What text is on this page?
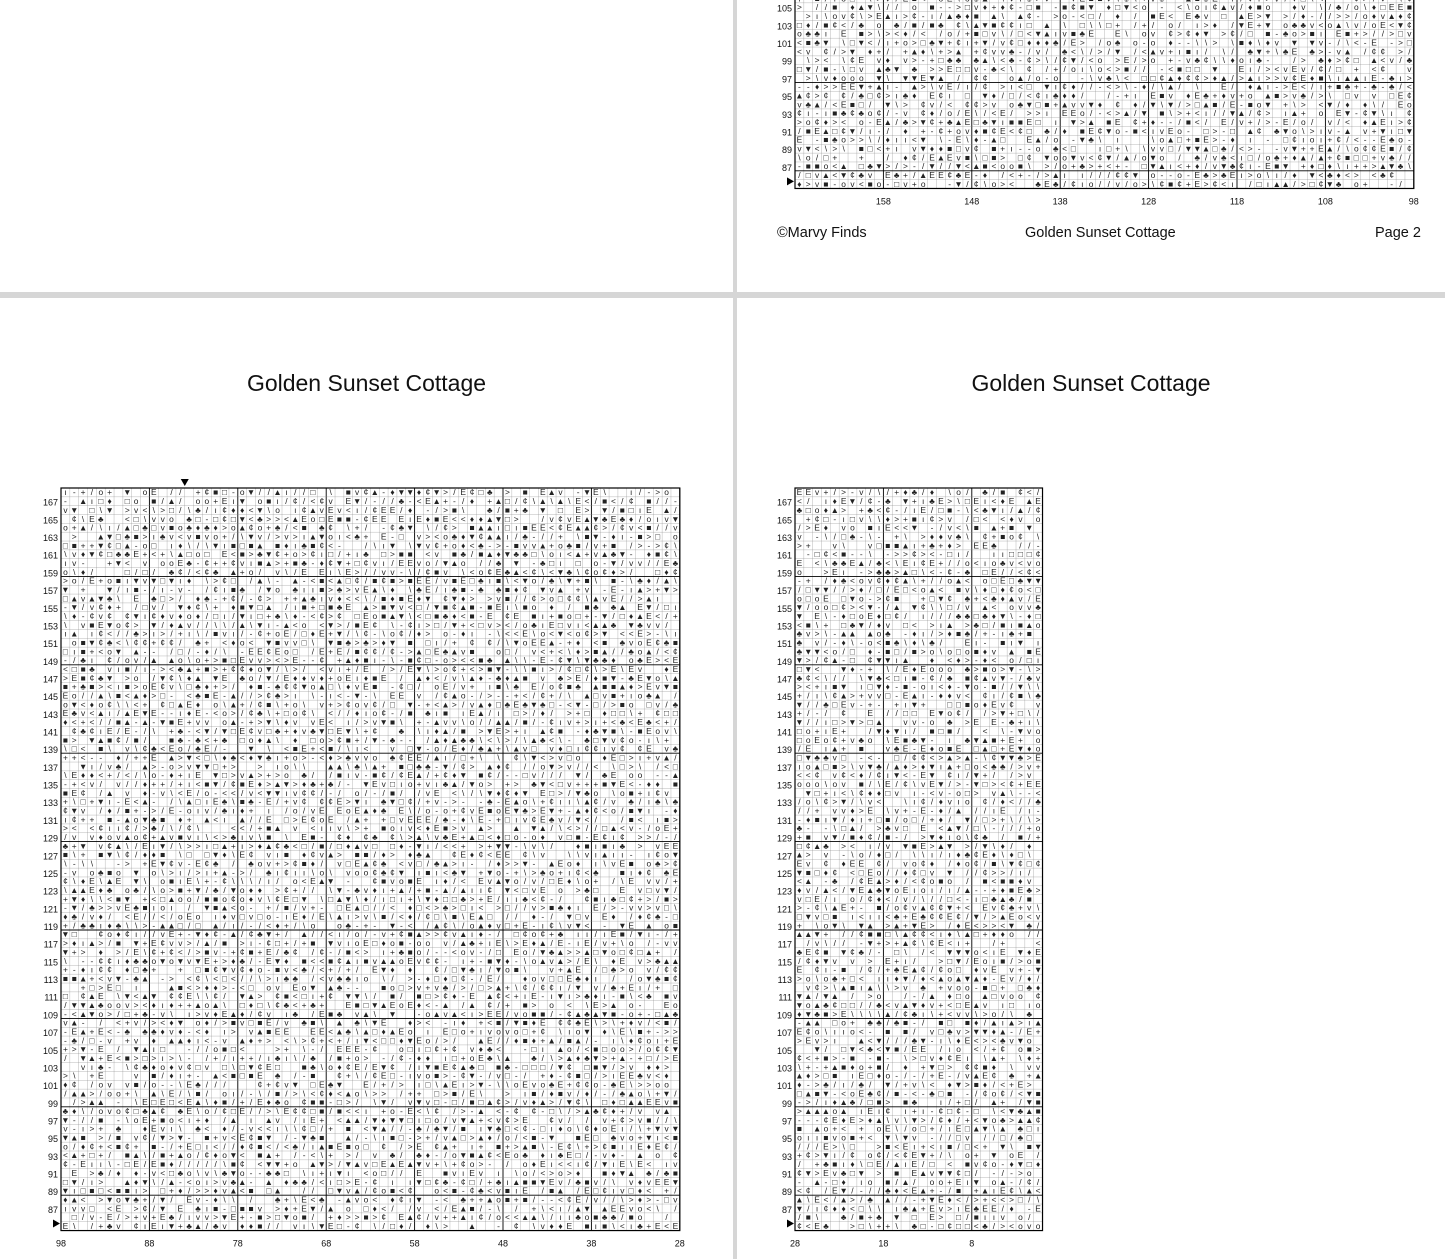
> / / ■ ♦ ▲ ▼ \ / / o ■ - - > □ v ♦ + ♦ ¢ - □ ■ - ■ ¢ ■ ▼ ♦ □ ▼ < o - < \ o ı ¢ ▲ v / ♦ ■ o	♦ v \ / ♣ / o \ ♦ □ E E ■
> ı \ o v ¢ \ > E ▲ ı > ¢ - ı / ▲ ♣ ♦ ■ ▲ \ ▲ ¢ - > o - < □ / ♦ / ■ E < E ♣ v □ ▲ E > ▼ > / ♦ - / / > > / o ♦ v ▲ ♦ ¢
□ ♦ / ■ ¢ < / ♣ o ♣ / ■ / ■ ♣ ¢ \ ▲ ▼ ■ ¢ ¢ ı □ ▲ \ □ \ \ □ + / + / o / ı > ♦ / ▼ E + ▼ o ♣ ♣ v < o ▲ \ v / o E < ▼ ¢
o ♣ ♣ ı E ■ > \ > < ♦ / < / o / + ■ □ v \ / □ < ▼ ▲ ı v ■ ♣ E E \ o v ¢ > ¢ ♦ ▼ > ¢ / □ ■ - ♣ o > ■ ı E ■ + > / / > □ v
< ■ ♣ ▼ \ □ ▼ < / ı + o > □ ♣ ▼ + ¢ ı + ▼ / v ¢ □ ♦ ♦ ♦ ♣ / E > / o ♣ o - o ♦ - - \ \ > \ ■ ♦ \ ♦ v ▼ ▼ v - / \ < - E - > □
< v ¢ / > ▼ ♦ + / + ▲ ♦ \ + > ▲ + ¢ v v ♣ - / v / ♣ < \ / > / ▼ / < ▲ v + ı ■ ı / \ / ♣ ▼ + \ ♣ E ♣ > - v ▲ / ¢ ¢ > /
\ > < \ ¢ E v ♦ v > - + □ ♣ ♣ ♣ ▲ \ < ♣ - ¢ > \ / ¢ ▼ / < o > E / > o + - v ♣ ¢ \ \ ♦ o ı ♣ -	/ > ♣ ♦ > ¢ □ ▲ < v / ♣
□ ▼ / ■ - \ □ v ▲ ♣ ▼ ♣ > > E □ □ v - ♣ < \ ¢ / + / o ı \ o < > ■ / / - < ■ □ □ ▼ E ı / > < v E v / ¢ / □ + < ¢	v
> \ v ♦ o o o ▼ \ ▼ ▼ E ▼ ▲ / ¢ ¢	o ▲ / o - o	- \ v ♣ \ < □ □ ¢ ▲ ♦ ¢ ¢ > ♦ ▲ / > ▲ ı > > v ¢ E ♦ ■ \ ı ▲ ▲ ı E - ♣ ı >
- - ♦ > > E E ▼ + ▲ ı - ▲ > \ v E / ı / ¢ > ı < □ ▼ ı ¢ ♦ / / - < > \ - ♦ / \ ▲ / \	E / ♦ ▲ ı - > E < / ı + ■ ♣ + - ♣ - ♣ / <
▲ ¢ > ¢ ¢ / ♣ □ ¢ > ı ♣ ♦ E ¢ ı □ ▼ ♦ / □ / < ¢ ı ♣ ♦ ♦ /	/ - + ı E ■ v ♦ E ♣ + ♦ v + o ▲ ■ > v ♣ / > \ □ v v □ E ¢
v ♣ ▲ / < E ■ □ / ▼ \ > ¢ v / < ¢ ¢ > v o ♣ ▼ □ ■ + ▲ v v ▼ ♦ ¢ ♦ / ▼ \ ▼ / > □ ▲ ■ / E - ■ o ▼ + \ > < ▼ / ♦ ♦ \ / E o
¢ ı - ı ■ ♣ ¢ ♣ o ¢ / - v ¢ ♦ / o / E \ / < E / > > ı E E o / - < > ▲ / ▼ ■ \ > + < ı / / ▼ ▲ / ¢ > ı ▲ + o E ▼ - ¢ ▼ \ ı ¢
> o ¢ ♦ > < o - E ▲ / ♣ > ▼ ¢ + ♣ ▲ E □ ♣ ▼ ı ■ ■ E □ ı ▼ > ▲ ■ E ¢ + ♦ - - / ■ < / E / v + / > - E / o / v / < ♦ ▲ E ı > ¢
/ ■ E ▲ □ ¢ ▼ / ı - / ♦ + - ¢ + o v ♦ ■ ¢ E < ¢ □ ♣ / ♦ ■ E ¢ ▼ o - ■ < ı v E o - □ > - □ ▲ ¢ ♣ ▼ o \ > ı v - ▲ v + ▼ ı □ ▼
E - ■ ♣ o > > \ / ♦ ı ı < ▼ \ - E \ ♦ - ▲ □	E ▲ / o - ▼ ♣ \ ı	\ o ▲ □ + ■ E > - ♦ ı - □ ¢ ı o ı + ¢ / < - - E ♣ o -
v ▼ < \ > \ ■ □ < + ı v ▼ ♦ ♦ ■ □ v ¢ ■ + ı - - o ♣ < □	ı □ + \ \ v v □ / ▼ ▼ ▲ □ ♣ / < > - - v ▼ + + E ▲ / \ o ¢ ¢ E ■ / ¢
\ o / □ +	+	/ ♦ ¢ / E ▲ E v ■ \ □ ■ > □ ¢ ▼ o o ▼ v < ¢ ▼ / ▲ / o ▼ o / ♣ / v ♣ < ı □ / o ♣ + ♦ ▲ / ▲ + ¢ ■ □ □ + v ♣ / /
- ■ ■ o < ▲ □ ♣ ▼ > / > - / ▼ / / ▼ < ▲ ■ < o o ■ \ > / o + ♣ > + < + - □ ▼ ▲ ı < + ♦ / v ▼ ♣ ¢ ı - E ■ ▼ + ♦ □ ♦ \ ı + + > ▲ ▼ ♣ \
/ □ v ▲ < ▼ ¢ ♣ v E ♣ + / ▲ E E ¢ ♣ E - ♦ / < + - / > ▲ ı ı / / / ¢ ¢ ▼ o - - o - E ♣ > ♣ E ı > o \ ı / ♦ ▼ < ♣ ♦ < > < ♣ ¢
♦ > v ■ - o v < ■ o - □ v + o	- ▼ / ¢ \ o > <	♣ E ♣ / ¢ ı o / / v / o > \ ¢ ■ ¢ + E > ¢ < ı / □ ı ▲ ▲ / > □ ¢ ▼ ♣ o +	- /
105
103
101
99
97
95
93
91
89
87
158	148	138	128	118	108	98
©Marvy Finds	Golden Sunset Cottage	Page 2
Golden Sunset Cottage
ı - + / o + ▼ o E / / + ¢ ■ □ - o ▼ / / ▲ ı / / □ \ ■ v ¢ ▲ - ♦ ▼ ▼ ♦ ¢ ▼ > / E ¢ □ ♣ > ■ E ▲ v - ▼ E \	ı / - > o
- ▲ ı □ ♦ □ o ■ / ▲ / o o + E ı ▼ o ■ ı / ¢ / < ¢ v E ▼ / - / / ♣ - < E ▲ + - / ♦ + ▲ □ / ¢ \ ▲ \ ▲ \ E < / ■ < / ¢ ■ / / -
v ▼ □ \ ▼ > v < \ > □ / \ ♣ / ı ¢ ♦ ♦ < ▼ \ o ı ¢ ▲ v E v < ı / ¢ E E / ♦ - / > ■ \	♣ / ■ + ♣ ▼ □ E > ▼ / ■ □ ı E ▲ /
¢ \ E ♣	< □ \ v v o ♣ □ - □ ¢ □ ▼ < ♣ > > < ▲ E o □ E ■ ■ - ¢ E E E ı E ♦ ■ E < < ♦ ♦ ▲ ▼ □ >	/ v ¢ v E ▲ ▼ ♣ E ♣ ♦ / o ı v ▼
o + ▲ / \ ı / ▲ □ ♣ □ v ■ o ♣ ♦ ♣ ♦ > o ▲ ¢ o + ♣ / < ■ ♣ ¢ \ + / - ¢ ♣ ▼ \ / ¢ > ■ ▲ ▲ ı □ ı ■ E E < ¢ E ▲ ▲ ¢ > / ¢ v < ■ / / v
> ▲ ▼ □ ♣ ■ > ı ♣ v < v ■ v o + / \ ▼ v / > v > ı ▲ ▼ o ı < ♣ + E - □ v > < o ♣ ♦ ▼ ¢ ▲ ▲ ı / ♣ - / / + \ ■ ▼ - ♦ ı - ■ > □ o
□ ■ + + ▼ ¢ □ ▲ - o □ ı ♦ \ / \ ▼ ı ■ □ ■ ▲ ■ ♦ ı ♣ ■ ¢ < -	/ \ ı ▼ \ ▼ v ¢ + o ♦ < ♣ - > - ■ v v ▲ + o ♣ ■ / v + ■ / > - > ¢ \
\ v ♦ ▼ ¢ □ ♣ ♣ E + < + \ ▲ □ o □ E < ■ > ♣ ▼ ¢ + o > ¢ ı □ / + ı ♣ □ > ■ ■ < v ■ ♣ / ■ ▲ ♦ ▼ ♣ ♣ □ \ o ı < ▲ + v ▲ ♣ ▼ - ♦ ■ ¢ \
ı v -	+ ▼ < v o o E ♣ - ¢ + + ¢ v ı ■ ▲ > + ■ ♣ - ♦ ¢ ▼ + □ ¢ v ı / E E v o / ▼ ▲ o / / ♣ ▼ - ♣ □ ı □ o - ▼ / v v / / E ♣
o \ ♦ /	□ / □ / ♣ ¢ / < ¢ ♣ ▲ + o / v \ / E E ı \ E > / / v v - \ / ¢ ■ v \ < o ¢ E ♣ ▲ < ¢ \ < ▼ ♣ \ ¢ o ¢ ♦ > /	□ ♦ ¢
> o / E + o ■ ı ▼ v ▼ □ ▼ ı ♦ \ > ¢ □ / ▲ \ - ▲ - < ■ < ▲ □ ¢ / ■ ¢ ■ > ■ E E / v ■ E □ ♣ ı ■ \ < ▼ o / ♣ \ ▼ + ■ \ ■ - \ ♣ ♦ / ▲ \
▼ + ▼ / ı ■ - / ı - v - / ¢ ı ■ ♣ / ▼ o ♣ ı ı ■ > ♣ > v E ▲ \ ♦ \ ♣ E / ı ♣ ■ - ♣ ♣ ■ ♦ ¢ ▼ v ▲ + v - E - ı ▲ > + ▼ >
□ ▲ v ▲ ▼ ♣ \ E ♣ □ > / ♦ ♣ - + ¢ / - ¢ > + + ▲ ♣ ı v ♦ < < \ / ■ ♦ ■ E ♦ ▼ ¢ ▼ ♦ > > v ■ / / ¢ > o □ ¢ ¢ \ ▲ v E / / > ▲ ı
- ▼ / v ¢ ♦ + / □ v / ▼ ♦ ¢ \ + ♦ ■ ▼ □ ▲ / ı ■ + □ ■ ♣ E ▲ > ■ ▼ v < □ / ▼ ■ ¢ ▲ ■ - ■ E ı \ ■ o ♦ / ■ ♣ ♣ ▲ E ▼ / □ ı
\ ♦ - ¢ v ¢ ¢ ▼ ı ¢ ♦ v ♦ o ♦ / □ ı / ▼ ı □ + ♣ \ ♦ - < ¢ > ¢ □ E o ■ ▲ ▼ \ < □ ■ ♣ ♦ < ■ - E ¢ E ■ ı + ■ o □ + - ▼ / □ ♦ ▲ E < / +
\ v ■ E ▼ o ¢ > ▼ / ♦ ▲ v / / \ \ / ▲ \ ▼ ı - ▲ < o < ▼ > / ■ E ¢ \ - ¢ ı > □ / ▼ + < □ v > < / o ♣ ı E □ v ı < ▲ ▲ ♣ ▼ ♣ v v /
ı ▲ ı ¢ < / / ♣ > ı > / + ı \ / ■ v ı / - ¢ + o E / □ ♦ E + ▼ / \ ¢ - \ o ¢ / ♦ > o - ♦ ı - \ < < E \ o < ▼ < o ¢ > ▼ < < E > - \ ı
o ■ ▼ ¢ ♣ < \ ¢ ¢ + ¢ ¢ / ♣ + < ♦ o < ▼ ■ v v □ \ ▼ ■ ♣ > ♣ > ♦ ▼ ■ □ ı / + ¢ ¢ / \ ▼ o E E ▲ - + ♦ < ■ ♣ v o E ¢ ♣ ■
□ ı ■ + < o ▼ ▲ - - / □ / - ♦ / \ - E E ¢ E o □ / E + E / ■ ¢ ¢ / ¢ - > ▲ □ E ♣ ▲ v ■	o □ / v < + < \ ♦ > ■ ▲ / / ♣ o ▲ / < ¢
- / ♣ ı ¢ / o v / ▲ ▲ o \ o + > ■ □ E v v > < > E - - ¢ + ▲ ♦ ■ ı - \ - ■ ¢ □ - o > < < ■ ♣ ▲ \ \ - E - ¢ ▼ \ ▼ ♣ ♣ ♦ o ♣ E > < E
< □ ■ ♣ v ı ■ / ı - > < ♣ ▲ + ■ > + ¢ ¢ ♦ o ▼ / \ > / < v ı + / E / > / E ▼ \ > o ¢ + < > ■ ▼ - \ \ ■ ı > / ¢ □ ¢ \ > E \ E v	♦ E
> E ■ ¢ ♣ ▼ > o / ▼ ¢ \ ♦ ▲ ▼ E ♣ o / ▼ / E ♦ ♦ v ♦ + o E ı ♦ ■ E / ▲ ♦ < / v \ ▲ ♦ - ♣ ♦ ▲ ■ v ♣ > E / ♦ ■ ▼ - ♣ E ▼ o \ ▲
■ + ♣ ■ > < ı ■ > o E ¢ v \ □ ♣ ♦ + > / ♦ ■ - ♣ ¢ ¢ ▼ o ▲ □ \ ♦ v E ■ - ¢ □ / o E / v + ı ■ \ ♣ E / o ¢ ■ ♣ ▲ ■ ■ ▲ ♦ > E v ▼ ■
E o / / ▲ \ ■ < ▲ ♦ > □ - < ♣ ■ E - ▲ / / > ¢ ♣ > ı \ - ı < - ▼ - \ E E v / ¢ ▲ o - / > - - + < / ¢ + / \ ▲ □ v ■ + ı o ♣ ▲ /
o ▼ < ♦ o ¢ \ \ < + ¢ □ ▲ E ♦ o \ ▲ + / ¢ ■ \ + o \ v + > ¢ o v ¢ / □ ▼ - + < ▲ > / v ▲ ♦ □ ♣ E ♣ ▼ ♣ □ - < ▼ - □ / > ■ o □ v / ♣
E ♣ v < ▲ ı / ▲ E ▼ E - - ı ♦ E - < o > / ¢ ♣ \ + □ o ¢ \ < / / ♦ ı o ¢ - / ■ ♣ ı ■ ı E ▲ / ı □ > / ♦ / > + □ ♦ □ □ \ + ¢ □ □
♦ < + < / / ■ ▲ - ▲ - ▼ ■ E + v v o ▲ - + > ▼ \ ♦ v v E < ı / > v ▼ ■ \ + - ▲ v v \ o / / ▲ ▲ / ■ / - ¢ ı v + > ı + < ♣ < E ♣ < + /
¢ ♣ ¢ ı E / E - / \ + ♣ - < ▼ / ▼ □ E ¢ v □ ♣ + ♦ v ♣ ▼ □ E ▼ \ + ¢	♣ \ ı ♦ ▲ / ■ > ▼ E > + ı ▲ ¢ ■ - ♦ ♣ ▼ ■ \ - ■ E o v \
■ > ▼ ▲ ■ ¢ / ■ /	■ ♣ - ♣ < + ♣ □ o ♦ ▲ \ ♦ □ o > ¢ ■ + / ▼ - ♣ - - / ▲ ♦ ▲ ♣ ♣ \ < \ > / \ ▲ ♣ < \ - ♣ □ ▼ v ¢ o - ı \ +
\ □ < ■ \ v \ ¢ ♣ < E o / ♣ E / - ▼ \ < ■ E + < ■ / \ ı <	v □ ▼ - o / E ♦ / ♣ ▲ + \ ▲ v □ v ♦ □ ı ¢ ¢ ı v ¢ ¢ E v ♣
+ + < - - ♦ / + + E ▲ > ▼ < □ \ ♦ ♣ < ♦ ▼ ♣ ı + o > - < ♦ > ♣ v v o ♣ ¢ E E / ▲ ı / □ + \ \ ¢ \ ▼ < > v □ o	♦ E □ > ı + v ▲ /
▼ ı / v ♣ / ▲ > - o > v ▼ ▼ □ + >	> ı o \ \	▲ ▲ \ ♣ \ ▲ + ■ □ ♣ ♣ - ▼ / ¢ > ▲ ♦ ¢ / / o ▼ > v / / < \ □ > \ / < □
\ E ♦ ♦ < + / < / \ o - ♦ + ı E ▼ □ > v ▲ > + > o ♣ / / ■ ı v - ■ ¢ / ¢ E ▲ / + ¢ ♦ ▼ ■ ¢ / - - □ v / / / ▼ / ♣ E o o - - ▲
- + < v / v / / ♦ + + / + ı < ■ ▼ / ¢ ■ E ♦ > ▲ ▼ > ♦ ♣ + ♣ / - ▼ E v □ ı o + v ı ♣ ▲ / ▼ o > + > ♣ ▼ < □ v + + + ■ ▼ E < - ♦ ♦ ■
■ E ¢ / ▲ v ♦ - v \ < E / o - < < / v < ▼ ▼ ı v ¢ ¢ / - / o / - / ■ / / v E < \ / \ ▼ ♦ ¢ ♦ ▼ E □ > / ▼ ♣ o \ o ■ + ı ¢ v
+ \ □ + ▼ ı - E < ▲ - / \ ▲ □ ı E ♣ \ ■ ♣ - E / + v ¢ ¢ ¢ E > ▼ ı ♣ ▼ □ ¢ / + v - > - - ♣ - E ▲ o \ + ¢ ı ı \ ▲ ¢ / v ♣ / ı ♣ \ ♣
¢ ▼ v / ♦ / ■ + - > / E - o ı v / ♣ ı ♦ + ı / o / v E E o E ▲ ♦ ♣ E \ / o - o + ¢ v E ■ o E ▼ ♣ > E ▼ + - ▲ ♦ ¢ < o / ■ ▼ ı - ♦
ı ¢ + + ■ - ▲ o ▼ ♣ ■ ♦ + ▲ < ı ▲ / / E □ > E ¢ o E / ▲ + + □ v E E E / ♣ - ♦ \ E - + □ ı v ¢ E ♣ v / ▼ < /	/ ■ < ı ■ >
> < < ¢ ı ı ¢ / > ♣ / \ / ¢ \	< < / + ■ ▲ v < ı ı v \ > + ■ o ı v < ♦ E ■ > v ▲ > ▲ ▼ ▲ / \ < > / / □ ▲ < v - / o E +
/ v v ♦ o v ▲ o ¢ + ▲ v ■ v ı \ < > ♣ ı v \ ■ \ E ■ - ¢ ♦ ¢ ♣ ¢ \ > ▲ \ v ♣ E + ▲ □ < ♦ □ o - o ♦ v □ ■ - E ¢ ı ¢ > > / - /
♣ + ▼ v ¢ ▲ \ / E ı ▼ / \ > > ı □ ▲ + ı > ♦ ▲ ¢ ♣ < □ / ■ / □ ♦ ▲ v □ □ ♦ - ▼ ı / < < + > + ▼ ▼ - \ v \ /	♦ ■ ı ■ ı ♣ > v E E
■ \ + ■ ▼ \ ¢ / ♦ ♦ ■ \ □ □ ▼ ♦ \ E ¢ v ı ■ ♦ ¢ v ▲ > ■ ■ / ♦ > ♦ ♣ ▲ ¢ E ♦ ¢ < E E ¢ \ v	\ \ v ı ▲ ı ı - ı ¢ o ▼
\ - \ \	- > + E ▼ ¢ v - E ¢ ♣ / ♣ o v + > ¢ ■ ♦ / v □ E ▲ ¢ ♣ < v □ / ♣ ▲ > ı - / ♦ > > ▼ - ▲ E o ♦ ı \ v E ■ o ♣ > ¢
- v o ♣ ■ o ▼ o \ > ı / > ı + ▲ - > / ♣ ı ¢ ı ı \ o \ v o o ¢ ♣ ¢ ▼ ı ■ ı < ♣ ▼ + ▼ o - + \ > ♣ o + ı ¢ < ♣	■ ı ♦ ¢ ♣ E
¢ \ ♦ E \ ▲ E ▼ \ o ■ ı E \ + - ¢ \ \ \ / ı / o < E ▲ ▼ -	¢ ■ v o ■ E ı ♦ / < E v ▲ ▼ o / v / □ E ♦ \ o + / \ E v v / +
\ ▲ ▲ E ♦ ♣ o ♣ / \ o > ■ + ▼ / ♣ / ▼ o ♦ ♦ > ¢ + / / \ ▼ - ♣ v ♦ ı + ▲ / + ■ - ▲ / ▲ ı ı ¢ ▼ < □ v E o > ♣ □	E v □ v ▼ /
+ ▼ ♦ \ \ < ■ ▼ + < □ ▲ o o / ■ ■ o ¢ o ♦ v \ ¢ E □ ▼ \ □ ▲ ▼ \ ♦ / ı □ ı + \ ▼ ♦ □ □ ♣ > + E / ı ı ♣ < ¢ - /	¢ ■ ı ♣ □ ¢ + > / ■ >
- ▼ / ♣ > > v E ♣ ■ ı o ı / ▼ ■ ▲ < o - + / ■ / v + - □ E ▲ □ / / < ♦ □ < > ♣ > □ ı < > □ / / v > ■ ♣ ♦ ı E / > - v v > v □ \
♦ ♣ / v ♦ / < E / / < / o E o ı ♦ v □ v □ o - ı E ♦ / E \ ▲ ı > v \ ■ / < ♦ / ¢ □ \ ■ \ E ▲ □ / / ♦ - / ▼ □ v E ♦ / ♦ ¢ ♣ - □
+ / ♣ ♣ ı ♦ ♣ \ \ > - ▲ ▲ □ / □ ▲ / ı / - / < ♦ + / \ o	o ♣ - + - ▼ - < / ▲ ¢ \ / o ▲ ♦ v □ + E - ı ¢ \ v ▼ < - ▼ E ▲ o ■
▼ □	¢ o ♦ ¢ ı / / v E + - ▼ ♦ ¢ - ▲ / ¢ ♣ ▼ + / ▲ / / < ı / o / - v + ¢ ■ ▲ > > ¢ v ▲ ı ♦ - / □ ¢ o ¢ + ♣ ı ı / ı E ■ / ▼ ı - / +
> ♦ ı ▲ > / ■ ▼ + E ¢ v v > / ▲ / ■ > ı - ¢ □ + / + ■ ▼ v ı o E □ ♦ o ■ - o o v / ▲ ♣ + ı E \ > E ♦ ▲ / E - ı E / v + \ o / - v v
▼ + > ♦ > / E \ ¢ + ¢ < / > ■ v - + ¢ ■ + E / ♣ ¢ / ¢ - / ■ < > ı + ♣ ■ o / - - < o v - / □ E o / ▼ ♣ ▲ > > ▲ □ ▼ o □ ¢ □ ▲ + /
\ - - ¢ ¢ ı ♦ ♣ ♣ o ▼ o ▼ v ▼ E + > ♦ ♣ / - E ▼ ♦ ■ < < ■ ¢ ▲ ı ■ v ▲ ▲ o E v ¢ ¢ - ı + - ■ ▼ ♦ - \ o ▲ v ▲ > / E \ ♦ E v > ♣ ▲ ▲
+ - ♦ ı ¢ ¢ ♦ □ ♣ +	+ □ ■ ¢ ▼ v ¢ ♦ o - ■ v < ♣ / < + / + / E ▼ ♦ ♦	¢ / □ ▼ ♣ ı / ▼ o ■ \	v + ▲ E / □ ♣ > o v / ¢ ¢
■ ■ ▲ + < v ▼ - ♣ ▲ - > < ¢ \ < □ < / / \ > ı ♣ ♣ / < v ♣ ♣ ı o \ / > - ♦ □ ♦ □ ¢ - / E /	♦ o v □ □ E ♣ ♦ ı / / o ▼ ♣ ■ ¢
+ □ > E □ ı	▲ ■ < > ♦ ♦ > - < □ o v E o ▼ ▲ ♣ - -	■ o □ > v + v ♣ / > / □ > ▲ + \ ¢ / ¢ ¢ ı / ▼ v / ♣ + E ı / + □
□ ¢ ▲ E \ ▼ < ▲ ▼ ¢ ¢ E \ \ ¢ / ▼ ▲ > ¢ ■ < □ ı + ¢ ▼ ▼ \ / ■ / ■ □ > ¢ ♦ - E ▲ ¢ < + ı E - ı ▼ ı > ♣ ♦ ı - ■ \ < ♣ ■ v
/ ▼ ▼ ▲ ♣ o o v > < ♦ ı ♦ + + ▲ o ▲ \ □ ♦ □ \ ¢ ♣ < + ♣ +	E ■ □ ▼ ▲ E o E ♦ < - ▲ / ▲ ¢ / + ■ > o < \ E > ▲ o -	E o
- < ▲ ▼ o > / □ + ♣ - v \ ı > v ♦ E ▲ ♦ / ¢ v ı ♣ / E ■ ♣ v ▲ \ ▼ - o ▲ v ▲ < ı > E E / v o ■ ■ / - ¢ ▲ ♣ ▲ ▼ ■ - o + - □ ▲ ♣
v ▲ - / < + v / > < ♦ ▼ o ♦ / > ■ v □ ■ E / v ♣ ■ \ ▲ ♣ \ ▼ E	♦ > < - ı ♦ + < ■ / ▼ ■ ♦ E ¢ ¢ ♣ E \ > \ + ♦ v / < ■ /
- E ▲ + E < - ♣ ♣ ♣ ♦ v ♦ - < ♦ ı > v ▲ ■ E E E E < ▲ ♣ \ ▲ □ ♦ ▲ E o ı E □ o + ı v o v o □ + ¢ \ ı o ▼ ♦ \ E \ ■ + - > >
- ♣ / □ - v + v ♦ ▲ ▲ ♦ ı < - v ▲ ♦ + > < \ > ¢ + < + / ı ▼ < □ □ ♦ ▼ E o / > /	▲ E / / ♦ ■ ♦ + ▲ / ■ ▲ / - ı \ ♦ ¢ o ı + E
+ > ▼ - E / ▼ ▲ ı □	- / / o ■ □ <	> + \ - / E E E - ¢	o □ ı □ ¢ + ¢ v ♦ ♣ <	- □ ı ▲ o / < ■ □ o o > / o ¢ ¢ ▼
/ ▼ ▲ + E < ■ > □ > ı > \ - / + / ı + + / ı ♣ ı \ / ♣ / ■ + o > - / ¢ - ♦ ♦ ı □ + o E ♣ \ ▲ ♣ / \ > ▲ ♦ ♣ ▼ > + ▲ - + □ / > E
v ı ♣ - \ ¢ ♣ ♦ o ♦ v ¢ □ v □ \ □ ▼ ¢ E □	■ ♣ \ o ♦ ¢ E / E ▼ ¢ / ı ▼ ■ E ¢ ▲ ♣ □ ■ ♣ - □ □ □ / ▼ ¢ □ ■ ▼ / > v ♦ ♦ >
> \ + E	v ■ / ♦ ı + - ▲ < ■ □ ■ E ♣ / - ■	¢ + \ / ¢ E □ - ı v o ■ > - ¢ ▼ - / v □ - / + ♦ - ¢ ■ □ / > ı E E ♣ v < ♦
♦ ¢ / o v v ■ / o - - \ E ♣ / / /	¢ + ¢ v ▼ □ E ♣ ▼ E / + / > ı □ \ ▲ E ı > ▼ - \ \ o E v o ♣ E + ¢ ¢ o - ♣ E \ > > o o
/ ▲ ▲ > / o o + \ ▲ \ E / \ ■ / o ı / - \ / ■ / > \ < ¢ ♦ < ▲ o \ > > / + + □ > ■ / E \	> ı ■ / ♦ ■ v / ♦ / - / ♣ ▲ o \ + ▼ /
/ > ▲ ▲ - \ E □ E □ < E ▲ \ ♦ ■ / + / E ♦ ♣ o ¢ ■ ■ - □ > / \ ▼ / v ▼ v □ - □ / ■ □ ▲ ¢ > / v ♦ ▲ > / ▼ ¢ \ □ ♦ □ ▲ ▲ E E v ■
♣ ♦ \ / o v o ¢ □ ♣ ▲ ¢ ♣ E \ o / ¢ □ E / / > \ E ¢ ¢ □ ■ / ■ < < ı + o - E < \ ¢ / > - ▲ < - ¢ ¢ - □ \ / > ▲ ♣ ¢ ♦ + / v v ▲
▼ - / / ■ - \ o E + ■ o < ı + ♦ / ▲ ı ▲ v / ı E + < ▲ ▲ / ▼ ♦ ▼ ▼ □ ı □ o / v ▼ ▲ + < v ¢ > E	¢ v / / v + ¢ > v ■ / / \
v - ı > + ♣	♦ E v ı \ ♣ < ♦ / - v < < ı \ \ ¢ □ / + ■ < ▼ ▲ / / - ♣ / ♣ ▼ / ■ ı ▼ ♣ □ < ¢ - □ ı ♦ o \ ¢ ♦ o E ı / \ + ▼ v ▼
▼ ▲ ■ > / ■ v ¢ / ▼ > ▼ - ■ + v < E ¢ ■ ▼ / - ▼ ♣ ■ ▲ / - \ ı ■ □ - > + / v ▲ □ > ▲ ♦ / o / < ■ - ▼ ■ E □ ♣ v o + ▼ ı < ■
o / ♦ ¢ + < ■ ¢ + ■ - / + E □ ı < / / ♦ ¢ ■ < / < ♣ / ı ▲ ■ E ■ o □ ¢ / > E ¢ ▲ + ı + ■ + > ▲ ■ \ - E ¢ \ + > ¢ ■ ı ı E ♦ E ¢ /
< ▲ + □ + / ■ ▲ \ / ■ + ▲ o / ¢ ♦ o ▼ < ■ ▲ + / - < \ + > / v ♣ / ♣ ♦ - / o ▼ ■ ▲ ¢ < E o ♣ ♦ ı ♣ E □ / - v ♦ - ▲ o ¢
¢ - E ı ı \ - □ E / E ■ ♦ / / / / / \ ■ ¢ < ▼ ▼ + o ▲ ▼ > / ▼ ▲ v □ E ▲ E ▲ ▼ v + \ + ¢ o > - / o ♦ E ı < < ı ¢ / ▼ ı E \ E < ı v
E > ♣ / ♦ ♦ - v < □ ♣ o \ v \ ♣ ▼ o - - ♣ ♣ □ \ ı + ı ▼ ı < o □ / / E	■ v ı E v ı \ o / < > o > ♦	■ ♦ ▼ ▲ ♣ / ♣ ■
□ ▼ / ı > ▲ ♦ ▼ \ / ▲ - < o ı > v ♣ ▲ - ▲ ♦ ♣ ♣ / < ı □ > E - ¢ ı ı ▼ □ ¢ ♣ - ¢ □ / + ♣ ı ▲ ■ ■ ▼ E v / ♣ ■ v / \ v ♦ v E E ▼
▼ ı □ ■ □ < ■ ■ ı > □ + ♦ / > > ♦ v ▲ < ■ □ ▲	/ / □ ▼ v ▲ / ¢ o ■ < ¢	o < ■ - ¢ ♣ < v ■ ı E / ■ ▲ / E □ ¢ ı v □ ♦ < + /
♦ ▲ < > ▼ o ▼ ♣ + / ▼ / E v - ♦ \ \ /	♣ + \ E < ♣ - ▲ v o < ♦ ¢ ı ▼ - < ♣ + + ▲ o ■ + ■ / - - < ¢ E / v / / \ > ♦ > - □ v
ı v v □ < E > ¢ / ▼ E ♣ ı ■ - □ ■ ■ v > ♦ + E ▼ / ▲ o □ ♦ < / / v < / E ▲ ■ / - \ / + \ < ı / ▲ ▼ ▲ E E v o < \ /
□ / v - E / > + v + E ♣ / ı v v > ▼ E + - ■ > □ ▼ o ■ / + ♦ > > ■ > ¢ E ▲ ¢ / v + + ▲ ı ¢ / o < < ▲ ▲ \ / ı ı ♣ o ■ ♣ ♣ / ■ o	/
E \ / + ♣ v ¢ ı E ı ▼ + ♣ ▲ / ♣ v ♦ ♦ ■ / / v ı \ ▼ E □ - ¢ \ / □ ♦ / ♦ \ > ▲ - ¢ \ v ♦ ♦ E ■ ı ■ \ < ı ♣ + E < E
167
165
163
161
159
157
155
153
151
149
147
145
143
141
139
137
135
133
131
129
127
125
123
121
119
117
115
113
111
109
107
105
103
101
99
97
95
93
91
89
87
98	88	78	68	58	48	38	28
Golden Sunset Cottage
E E v + / > - v / \ / + ♦ ♣ / ♦ \ o / ♣ / ■ ¢ < /
< / ı ♦ E ▼ / ¢ - ♣ ▼ + ı ♣ E > \ □ E ı < ♦ E ▲ E
♣ □ o ♦ ▲ > + ♣ < ¢ - / ı E / □ ■ - \ < ♣ ▼ ı / ▲ / ¢
+ ¢ □ - ı □ v \ \ ♦ > + ■ ı ¢ > v / □ < < ♦ v o
/ > E ♦ v o ■ ı E < < ▼ - / v < \ ■ ▲ + ■ ▼
v - \ / □ ♣ - \ - + \ > ♦ ♦ v ♣ \ ¢ + ■ o ¢ \
> +	v \	v □ ■ ■ ▲ ı + ♣ + ♦ > E E ♣	/ / -
- □ ¢ < ■ - - \ - > > ¢ > < - □ ı /	ı ı □ □ □ ¢
E < \ ♣ ♣ E ▲ / ♣ < \ E ı ¢ E + / / o < ı o ♣ v < v o
o	> E ı - > ♣ ♣ > ▲ □ \ < - ¢ - ♣ □ E / / < ¢ <
- + / ♦ ♣ < o v ¢ ♦ ¢ ▲ \ + / / o ▲ < o □ E □ ♣ ▼ ▼
/ □ ▼ ▼ / / > ♦ / □ / E □ < o ▲ < ■ v \ ♦ □ ♦ ¢ o < □
o □ o E □ ▼ o - > ¢ ■	+ □ ▼ ¢ ♣ + < ♣ ♦ ▲ v / E
▼ / o o □ ¢ > < ▼ - / ▲ ▼ ¢ \ \ □ / v ▲ < o v v ♣
▼ E \ - ♦ □ o E ♦ □ ¢ / ı / / / ♣ ♣ □ ♣ ♦ ▼ \ - ♦ □
< ■ \ + □ ♣ ▼ / ♦ v □ < > ı ▲ > ♣ □ / ■ ı ■ ▲ o
♣ v > \ - ▲ ▲ ▲ o ♣ - ♦ ı / > ♦ ■ ♣ / + - ı ♣ + ■
♣ v / - ♦ \ - o < ■ ♣ \ ♦ \ ♣ /	E ı - ■ ı ▼ ı
♣ ▼ ▼ < o / □ ♦ - ■ □ / ■ > o \ o □ o ■ ♦ v ▲ ■ E
▼ > / ¢ ▲ - □ ¢ ▼ ▼ ı ▲ ♦ < ♦ > - ♦ < o / □ ı
□ ▼ < ▼ ♦ - + \ / E ♦ E o o o ♣ > ■ o > ▼ - \ >
♣ ¢ < \ / / \ ▼ ♣ < □ ı ■ - ¢ / ♣ ■ ¢ ▲ v ▼ - / ♣ v
> < + ı ■ ▼ ı □ ▼ ♦ - ■ - o ı < ♦ - ▼ o - ■ / / ▼ \ \
+ / ı \ ¢ ▲ > + v v □ - E ▲ ı - ♦ ♦ v < ¢ ı / ¢ ■ \ ♣
▼ / / ♣ □ E v - + - + ı ▼ +	□ □ ■ o ♦ E v ¢	v
+ / - / ¢	E / / □ □ E ▼ o ¢ / / > ▼ + □ \ /
▼ / / ı □ > ▼ > □ ▲ v v - o ♣ > E E - ♣ + ı \
□ o + ı E +	/ ▼ ♦ ▼ ı / ■ □ ■ /	< \ - ▼ v o
□ o E o ¢ + v ♣ o \ E ■ ♣ ▼ - ı ♣ ▼ ▲ ■ + E + o
/ E ı ▲ + ■	v ♣ E - E ♦ o ■ E □ ▲ □ + E ▼ ♦ o
□ ▼ ♣ ♣ v □ - < - □ / ¢ ¢ < > ▲ > ▲ - \ ¢ ▼ ▼ ♣ > E
ı o ▲ □ ■ > \ v ▼ ♣ / ▲ ♦ > ♦ ▼ ı ▲ + □ o < ♣ ♣ / > v +
< < ¢ v ¢ < ♦ / ¢ ı ▼ < - E ▼ ¢ ı / ▼ + / / > v
o o o \ o v ■ / \ E / ¢ \ v E ▼ / > - ▼ □ > < ¢ + E E
▼ □ + ı < \ ¢ ♦ ♦ □ v ı - < v - o □ > v ▲ \ - - <
/ o \ ¢ > ▼ / \ v <	\ ı ¢ / ♦ v ı o ¢ / ♦ < / / ♣
/ / + v v ♦ > E \ v + - E - ♦ / ▲ / / ı E / ı -
- ♦ ■ ı ▼ / ♦ ı + □ ■ / o □ / + ♦ / ▼ / □ > + \ / \ >
♣ - - \ □ ▲ / > ♣ v □ E < ▲ ▼ / □ \ - / / / + o
+ ■ v ▼ / ■ ♦ ¢ / ■ - / > ▼ ♦ ı o \ ¢ ♣ / ■ / +
□ ¢ ▲ ♣ > < ı / v ▼ ■ E > ▲ ▼ > / ▼ \ ♦ / ♦
▲ > v - \ o / ♦ □ / \ \ ı / ı ♦ ♣ ¢ E ♦ \ ♦ □ \
E v ¢ ♦ E E ¢ / v o ¢ ♦ / ♦ o ¢ / ■ \ ▼ ¢ □ ¢
▼ ■ □ ♦ ¢ < □ E o / / ♦ ¢ □ v ▼ / / ¢ > > / ı /
< ▲ - ♣ / ¢ E ▲ > ♦ / < ¢ o ■ o / ■ < ■ ■ ♦ v
♦ v / ▲ < / ▼ E ▲ ♣ ▼ o E ı o ı / ı / ▲ - - + ♦ ■ E ♣ >
v □ E / ı o / ¢ ♦ < / v / \ / / □ < - ı □ ♣ ▲ ♣ / ■
> - ¢ \ ▲ E + - ■ / o ¢ v ▲ ¢ ¢ ▼ + < E v ¢ ♣ + v \
□ ▼ v □ ■ ı < ı ı < ♣ + E ♣ ¢ ¢ E ¢ / ▼ / > ▲ E o < v
+ \ o ▼ \ ▼ ▲ > ▲ + ▼ E > / ♦ E < > > < ▼ ♣ /
▲ ▲ ▼ + / / ¢ ■ ■ □ \ ▲ ¢ ¢ < ı ♦ \ ▲ □ + ♦ ♦ o / /
/ v \ / / - ▼ + > + ▲ ¢ \ ¢ E < ı +	/ +	<
♣ E ¢ ■ ▼ ¢ ♣ / - □ \ / < ▼ ▼ ▼ o < ı E ▼ ♦ E
/ ¢ ♦ ▼ v v > E + ı /	> □ ▼ / E o ı ■ / > o ■
E ¢ ı - ■ / ¢ / + ♣ E ▲ ¢ / ¢ o □ ♦ v E v + - ▼
> o \ o ♣ + □ < ı ı ♦ ▼ / ♦ < ▲ o ▲ ▼ ▲ ♦ - E v / ♦ /
v ¢ > \ ▲ ■ ı ▲ \ \ > v ♣ + v o o - ■ □ + □ ♣ ♦
▼ ▲ / ▼ ▲ / > o	/ - / ▲ ♦ □ o ▲ □ v o o ¢
▼ o ▲ ♣ ¢ □ □ / / ♣ < v ▲ ▼ ♦ v + < □ E ▲ v ı □ ı o
♦ ▼ ♣ ■ > E \ \ \ \ ▲ / ¢ ♣ ı \ + < v v \ > o / \ ♣
- ▲ ▲ □ o + ♣ ♣ / ♣ ■ - / ■ □ ■ ♦ / ▲ ı ▲ > ı ▲
E ¢ o \ ı ı o < - ■ ■ / v □ ♣ v > ▼ ▼ ♦ ▲ - / E +
> E v > ı	▲ < ▼ / / / ♣ ▼ - ı \ ♦ E < > < ♣ v ▼ o
▼ / □ ▼ < ♣ < ▼ ■ / E E / ı o < / + ¢ o ■ >
¢ < + ■ > - ■ - ■ - \ > □ v ♦ ¢ E ı \ ▲ + \ ♦ +
\ + - + ▲ ■ ♦ o + ■ / ♦ + ▼ □ > ¢ ¢ ■ ♦ \ v v
▲ ♦ > □ ■ ı E □ ♦ o - / - / + E - / v ▲ E ¢ ♣ + ▲
♦ - > ♣ / ı / ♣ / ▼ / + v \ < ♦ ▼ > ■ ♦ / < + E >
□ ▲ ■ ▼ - < o E ♣ ¢ / ■ - < - ♣ □ ■ - / ¢ o ¢ / < ▼ ■
- > / ı ♦ ▲ ♣ / □ ■ > ■ ♣	ı / + □ / ▲ + / ▼ ■
> ▲ ▲ ▲ o ▲ ı E ı ¢ ı + ı - ¢ □ ¢ - □ \ < ▼ ♣ ▲ ■
- - - ¢ E ♦ E > ♦ ▲ \ v \ ▼ > / ¢ ♦ / + < ▼ o ♣ > ▲ ▲ ¢
■ ▲ o + < + o E \ / o □ + / ı E □ ▲ ▼ \ ▲ ♣ □ ı
o ı ı ■ v o ■ + < ▼ \ ▼ v - / / □ v / / □ / ♣ □
/ / / E > \ □	> ■ < E ı + < ı ■ / □ < + ▼ \ ■ ▼
+ ¢ > ▼ ı / ¢ o ¢ / < ¢ E ▼ + / \ o + ▼ o E /
/ + ♣ ■ ı ♦ \ □ E / ▲ ı E / □ < ■ v ¢ o - ♦ ▼ □ ♦
¢ ▼ > E v ♣ □ ▼ > ■ E ▲ v ▼ ▼ ¢ □ / - / - > o
- ▲ - □ ♦ ı o ■ / ▲ / o o + E ı ▼ o ▲ - / ¢ /
< ¢ / E ▼ / - / / ♣ ♦ < E ▲ + - / ■ + ▲ ı E ¢ \ ▲ <
▲ \ E < / ▲ > / ♣ ▲ / / - + ▼ E ♦ < / > + < < > □ / \
▼ / ı ¢ ♦ ♦ < □ \ \ ı ♣ ▲ + E v > ı E ♣ E E / ♦ - E
/ ■ \	♣ / ■ + ♣ ▼ □ E > □ / ■ ı ı v o /
¢ < E ♣	> □ \ + + \ ♣ □ - □ ¢ □ □ < ♣ / > < o v o
167
165
163
161
159
157
155
153
151
149
147
145
143
141
139
137
135
133
131
129
127
125
123
121
119
117
115
113
111
109
107
105
103
101
99
97
95
93
91
89
87
28	18	8
